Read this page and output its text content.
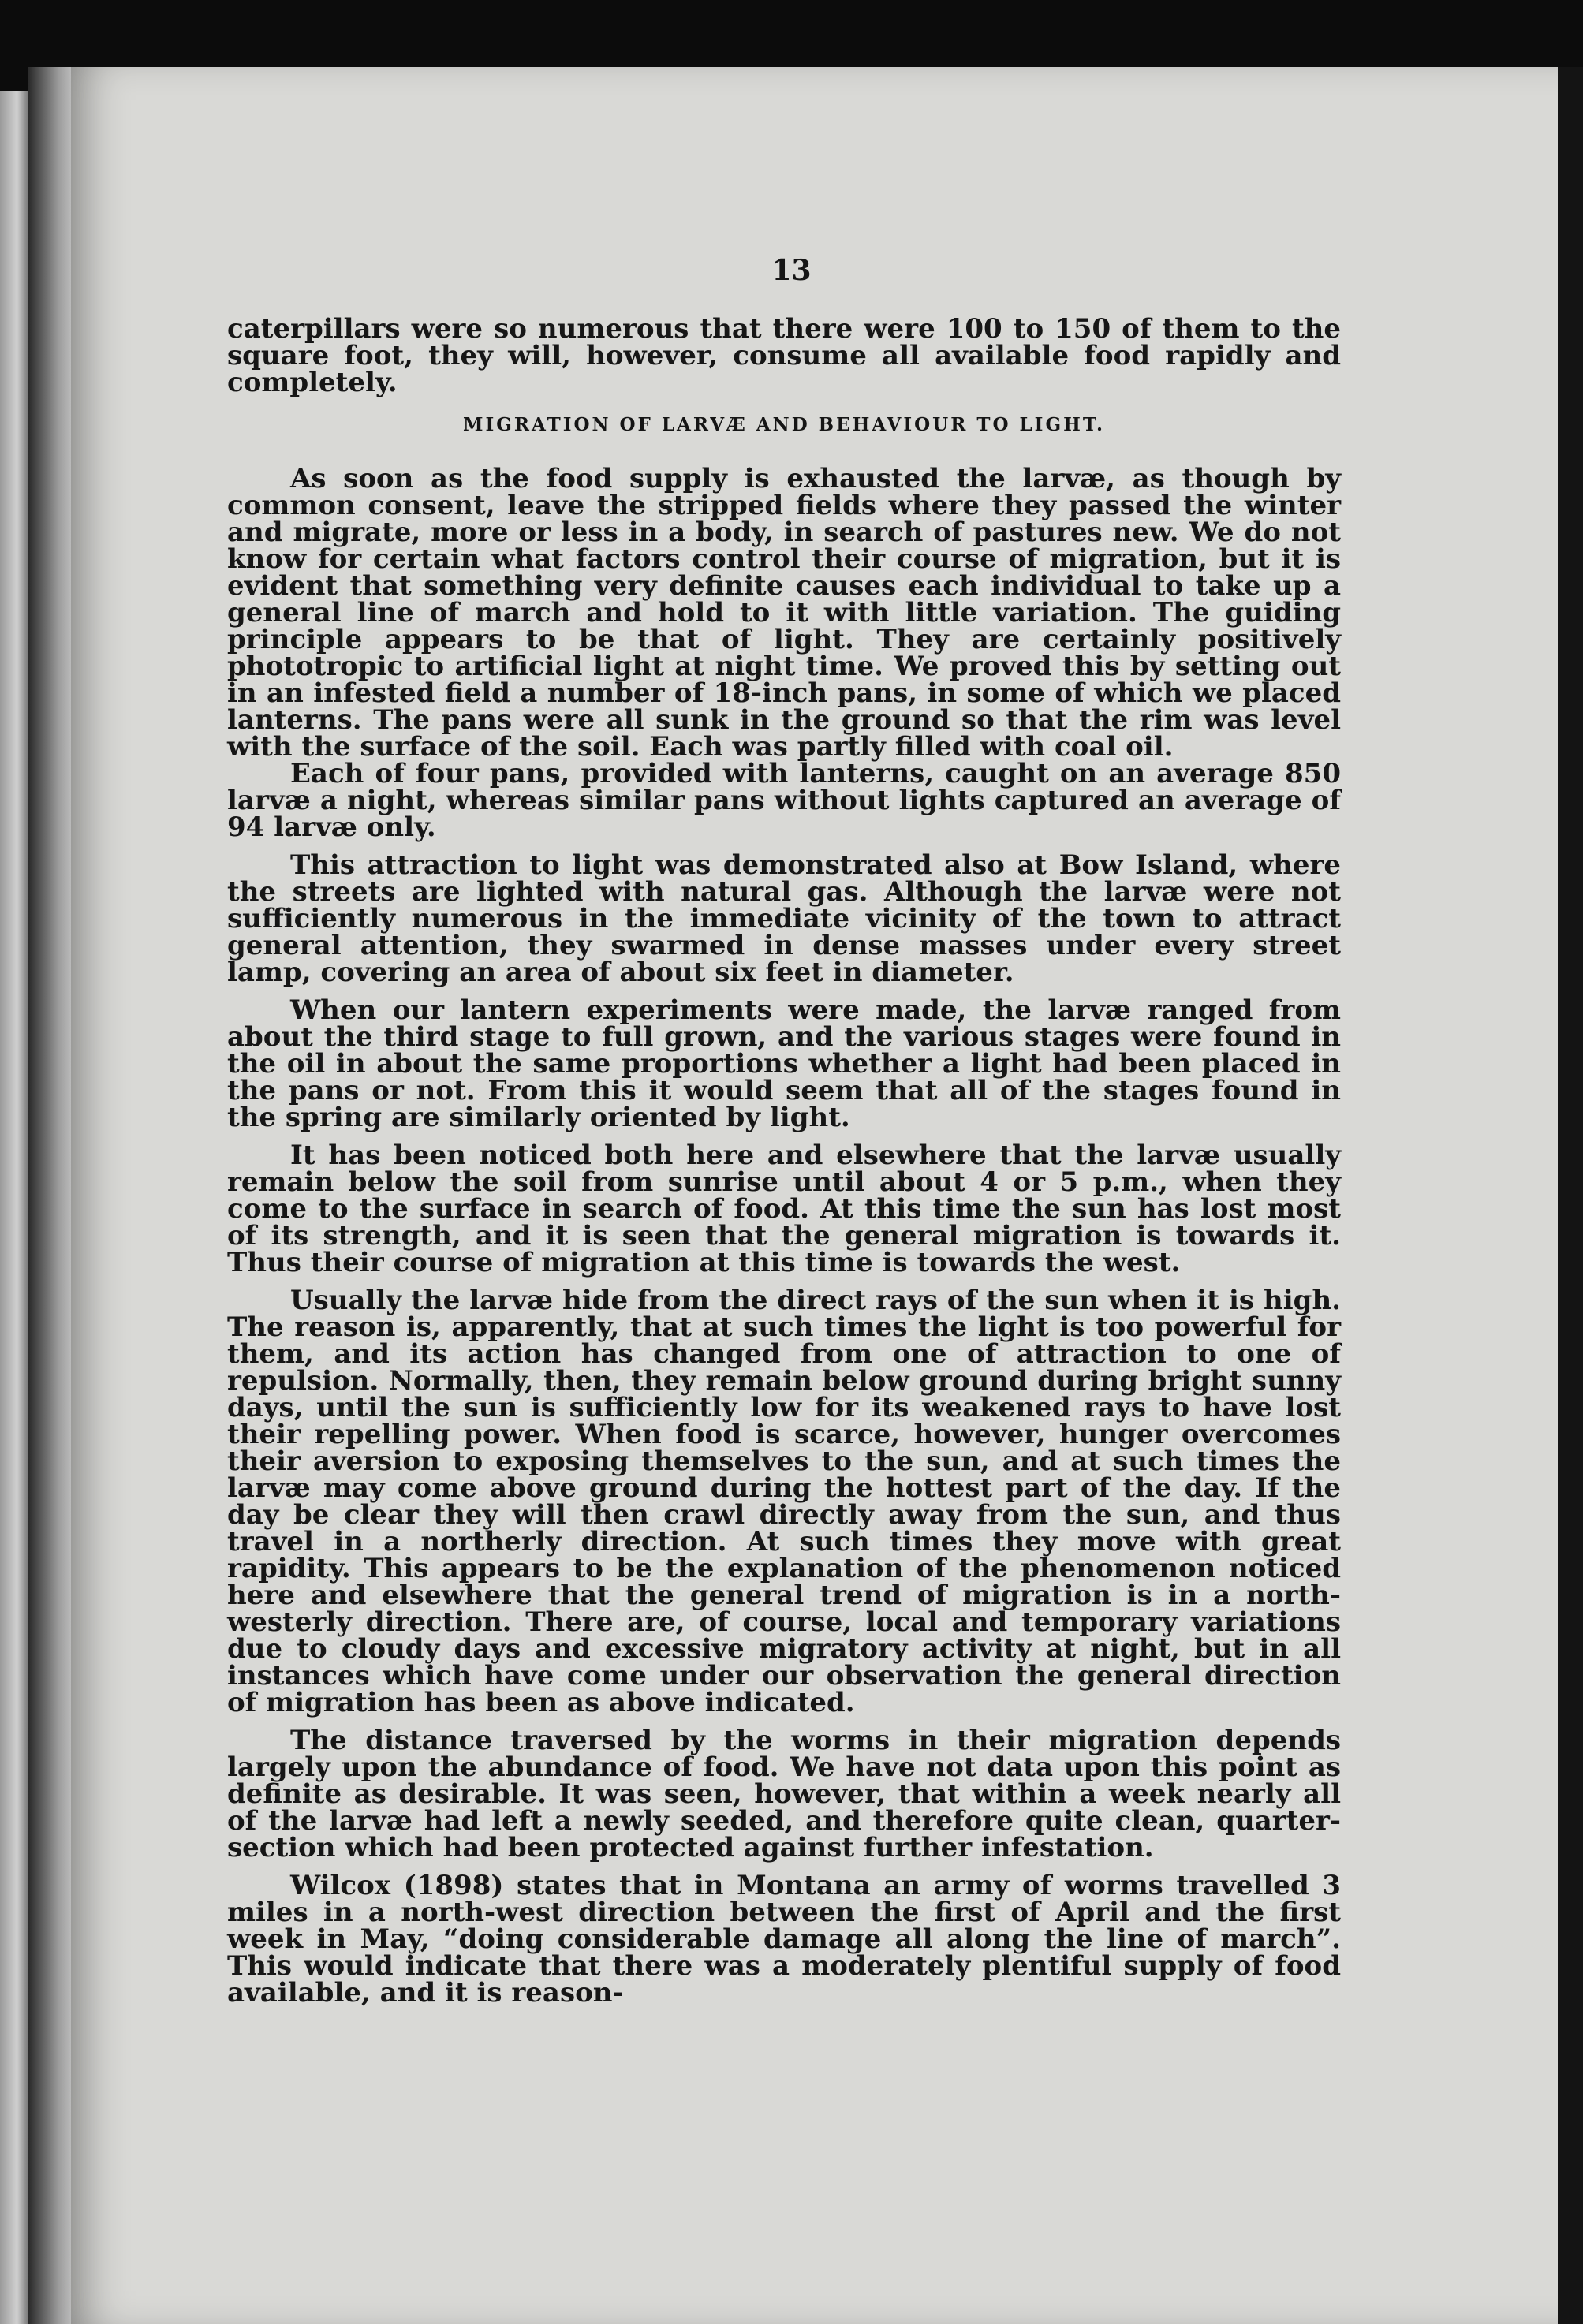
13

caterpillars were so numerous that there were 100 to 150 of them to the square foot, they will, however, consume all available food rapidly and completely.

MIGRATION OF LARVÆ AND BEHAVIOUR TO LIGHT.

As soon as the food supply is exhausted the larvæ, as though by common consent, leave the stripped fields where they passed the winter and migrate, more or less in a body, in search of pastures new. We do not know for certain what factors control their course of migration, but it is evident that something very definite causes each individual to take up a general line of march and hold to it with little variation. The guiding principle appears to be that of light. They are certainly positively phototropic to artificial light at night time. We proved this by setting out in an infested field a number of 18-inch pans, in some of which we placed lanterns. The pans were all sunk in the ground so that the rim was level with the surface of the soil. Each was partly filled with coal oil.

Each of four pans, provided with lanterns, caught on an average 850 larvæ a night, whereas similar pans without lights captured an average of 94 larvæ only.

This attraction to light was demonstrated also at Bow Island, where the streets are lighted with natural gas. Although the larvæ were not sufficiently numerous in the immediate vicinity of the town to attract general attention, they swarmed in dense masses under every street lamp, covering an area of about six feet in diameter.

When our lantern experiments were made, the larvæ ranged from about the third stage to full grown, and the various stages were found in the oil in about the same proportions whether a light had been placed in the pans or not. From this it would seem that all of the stages found in the spring are similarly oriented by light.

It has been noticed both here and elsewhere that the larvæ usually remain below the soil from sunrise until about 4 or 5 p.m., when they come to the surface in search of food. At this time the sun has lost most of its strength, and it is seen that the general migration is towards it. Thus their course of migration at this time is towards the west.

Usually the larvæ hide from the direct rays of the sun when it is high. The reason is, apparently, that at such times the light is too powerful for them, and its action has changed from one of attraction to one of repulsion. Normally, then, they remain below ground during bright sunny days, until the sun is sufficiently low for its weakened rays to have lost their repelling power. When food is scarce, however, hunger overcomes their aversion to exposing themselves to the sun, and at such times the larvæ may come above ground during the hottest part of the day. If the day be clear they will then crawl directly away from the sun, and thus travel in a northerly direction. At such times they move with great rapidity. This appears to be the explanation of the phenomenon noticed here and elsewhere that the general trend of migration is in a north-westerly direction. There are, of course, local and temporary variations due to cloudy days and excessive migratory activity at night, but in all instances which have come under our observation the general direction of migration has been as above indicated.

The distance traversed by the worms in their migration depends largely upon the abundance of food. We have not data upon this point as definite as desirable. It was seen, however, that within a week nearly all of the larvæ had left a newly seeded, and therefore quite clean, quarter-section which had been protected against further infestation.

Wilcox (1898) states that in Montana an army of worms travelled 3 miles in a north-west direction between the first of April and the first week in May, “doing considerable damage all along the line of march”. This would indicate that there was a moderately plentiful supply of food available, and it is reason-
